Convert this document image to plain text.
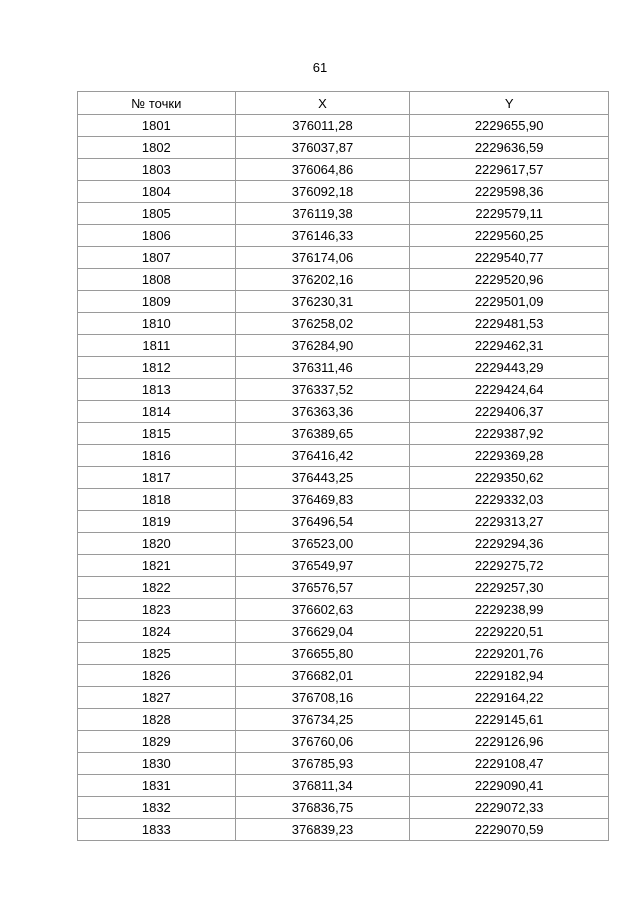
61
№ точки	X	Y
1801	376011,28	2229655,90
1802	376037,87	2229636,59
1803	376064,86	2229617,57
1804	376092,18	2229598,36
1805	376119,38	2229579,11
1806	376146,33	2229560,25
1807	376174,06	2229540,77
1808	376202,16	2229520,96
1809	376230,31	2229501,09
1810	376258,02	2229481,53
1811	376284,90	2229462,31
1812	376311,46	2229443,29
1813	376337,52	2229424,64
1814	376363,36	2229406,37
1815	376389,65	2229387,92
1816	376416,42	2229369,28
1817	376443,25	2229350,62
1818	376469,83	2229332,03
1819	376496,54	2229313,27
1820	376523,00	2229294,36
1821	376549,97	2229275,72
1822	376576,57	2229257,30
1823	376602,63	2229238,99
1824	376629,04	2229220,51
1825	376655,80	2229201,76
1826	376682,01	2229182,94
1827	376708,16	2229164,22
1828	376734,25	2229145,61
1829	376760,06	2229126,96
1830	376785,93	2229108,47
1831	376811,34	2229090,41
1832	376836,75	2229072,33
1833	376839,23	2229070,59
